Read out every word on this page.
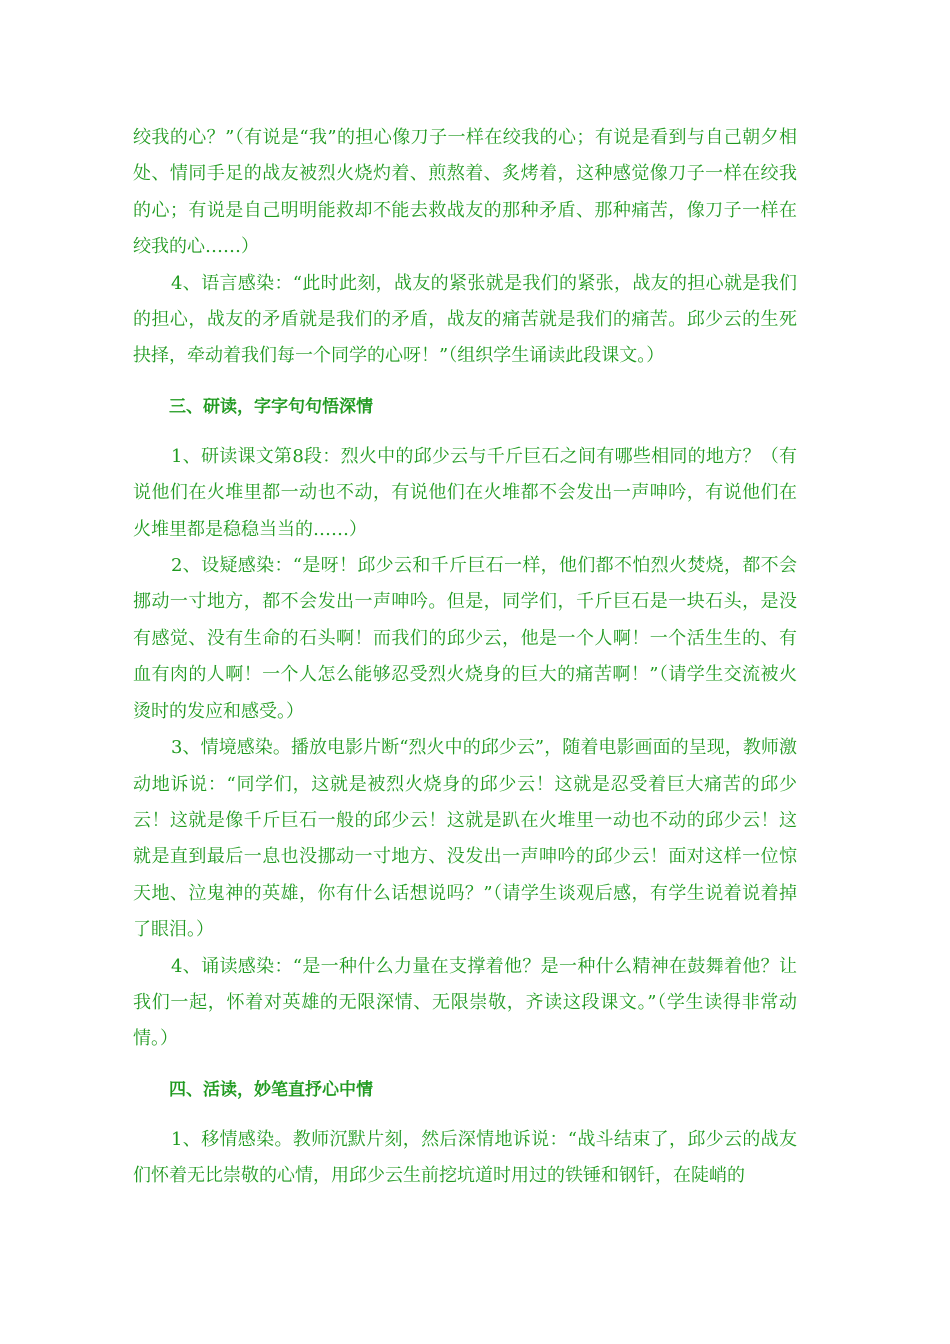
绞我的心？”（有说是“我”的担心像刀子一样在绞我的心；有说是看到与自己朝夕相处、情同手足的战友被烈火烧灼着、煎熬着、炙烤着，这种感觉像刀子一样在绞我的心；有说是自己明明能救却不能去救战友的那种矛盾、那种痛苦，像刀子一样在绞我的心……）

4、语言感染：“此时此刻，战友的紧张就是我们的紧张，战友的担心就是我们的担心，战友的矛盾就是我们的矛盾，战友的痛苦就是我们的痛苦。邱少云的生死抉择，牵动着我们每一个同学的心呀！”（组织学生诵读此段课文。）

三、研读，字字句句悟深情

1、研读课文第8段：烈火中的邱少云与千斤巨石之间有哪些相同的地方？（有说他们在火堆里都一动也不动，有说他们在火堆都不会发出一声呻吟，有说他们在火堆里都是稳稳当当的……）

2、设疑感染：“是呀！邱少云和千斤巨石一样，他们都不怕烈火焚烧，都不会挪动一寸地方，都不会发出一声呻吟。但是，同学们，千斤巨石是一块石头，是没有感觉、没有生命的石头啊！而我们的邱少云，他是一个人啊！一个活生生的、有血有肉的人啊！一个人怎么能够忍受烈火烧身的巨大的痛苦啊！”（请学生交流被火烫时的发应和感受。）

3、情境感染。播放电影片断“烈火中的邱少云”，随着电影画面的呈现，教师激动地诉说：“同学们，这就是被烈火烧身的邱少云！这就是忍受着巨大痛苦的邱少云！这就是像千斤巨石一般的邱少云！这就是趴在火堆里一动也不动的邱少云！这就是直到最后一息也没挪动一寸地方、没发出一声呻吟的邱少云！面对这样一位惊天地、泣鬼神的英雄，你有什么话想说吗？”（请学生谈观后感，有学生说着说着掉了眼泪。）

4、诵读感染：“是一种什么力量在支撑着他？是一种什么精神在鼓舞着他？让我们一起，怀着对英雄的无限深情、无限崇敬，齐读这段课文。”（学生读得非常动情。）

四、活读，妙笔直抒心中情

1、移情感染。教师沉默片刻，然后深情地诉说：“战斗结束了，邱少云的战友们怀着无比崇敬的心情，用邱少云生前挖坑道时用过的铁锤和钢钎，在陡峭的
